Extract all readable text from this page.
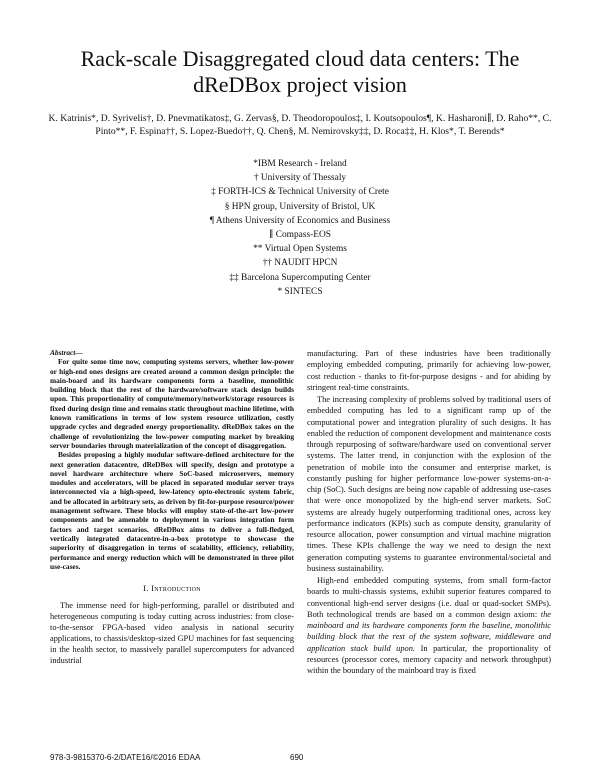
Rack-scale Disaggregated cloud data centers: The dReDBox project vision
K. Katrinis*, D. Syrivelis†, D. Pnevmatikatos‡, G. Zervas§, D. Theodoropoulos‡, I. Koutsopoulos¶, K. Hasharoni∥, D. Raho**, C. Pinto**, F. Espina††, S. Lopez-Buedo††, Q. Chen§, M. Nemirovsky‡‡, D. Roca‡‡, H. Klos*, T. Berends*
*IBM Research - Ireland
† University of Thessaly
‡ FORTH-ICS & Technical University of Crete
§ HPN group, University of Bristol, UK
¶ Athens University of Economics and Business
∥ Compass-EOS
** Virtual Open Systems
†† NAUDIT HPCN
‡‡ Barcelona Supercomputing Center
* SINTECS

Abstract—

For quite some time now, computing systems servers, whether low-power or high-end ones designs are created around a common design principle: the main-board and its hardware components form a baseline, monolithic building block that the rest of the hardware/software stack design builds upon. This proportionality of compute/memory/network/storage resources is fixed during design time and remains static throughout machine lifetime, with known ramifications in terms of low system resource utilization, costly upgrade cycles and degraded energy proportionality. dReDBox takes on the challenge of revolutionizing the low-power computing market by breaking server boundaries through materialization of the concept of disaggregation.

Besides proposing a highly modular software-defined architecture for the next generation datacentre, dReDBox will specify, design and prototype a novel hardware architecture where SoC-based microservers, memory modules and accelerators, will be placed in separated modular server trays interconnected via a high-speed, low-latency opto-electronic system fabric, and be allocated in arbitrary sets, as driven by fit-for-purpose resource/power management software. These blocks will employ state-of-the-art low-power components and be amenable to deployment in various integration form factors and target scenarios. dReDBox aims to deliver a full-fledged, vertically integrated datacentre-in-a-box prototype to showcase the superiority of disaggregation in terms of scalability, efficiency, reliability, performance and energy reduction which will be demonstrated in three pilot use-cases.

I. Introduction

The immense need for high-performing, parallel or distributed and heterogeneous computing is today cutting across industries: from close-to-the-sensor FPGA-based video analysis in national security applications, to chassis/desktop-sized GPU machines for fast sequencing in the health sector, to massively parallel supercomputers for advanced industrial

manufacturing. Part of these industries have been traditionally employing embedded computing, primarily for achieving low-power, cost reduction - thanks to fit-for-purpose designs - and for abiding by stringent real-time constraints.

The increasing complexity of problems solved by traditional users of embedded computing has led to a significant ramp up of the computational power and integration plurality of such designs. It has enabled the reduction of component development and maintenance costs through repurposing of software/hardware used on conventional server systems. The latter trend, in conjunction with the explosion of the penetration of mobile into the consumer and enterprise market, is constantly pushing for higher performance low-power systems-on-a-chip (SoC). Such designs are being now capable of addressing use-cases that were once monopolized by the high-end server markets. SoC systems are already hugely outperforming traditional ones, across key performance indicators (KPIs) such as compute density, granularity of resource allocation, power consumption and virtual machine migration times. These KPIs challenge the way we need to design the next generation computing systems to guarantee environmental/societal and business sustainability.

High-end embedded computing systems, from small form-factor boards to multi-chassis systems, exhibit superior features compared to conventional high-end server designs (i.e. dual or quad-socket SMPs). Both technological trends are based on a common design axiom: the mainboard and its hardware components form the baseline, monolithic building block that the rest of the system software, middleware and application stack build upon. In particular, the proportionality of resources (processor cores, memory capacity and network throughput) within the boundary of the mainboard tray is fixed

978-3-9815370-6-2/DATE16/©2016 EDAA	690
